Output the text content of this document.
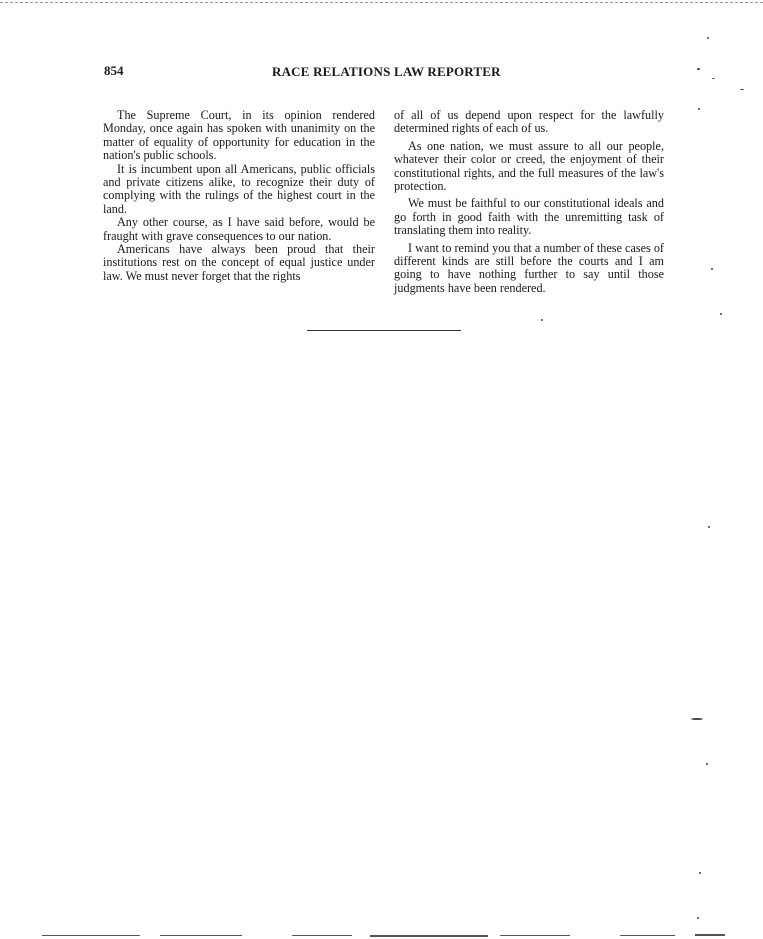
854	RACE RELATIONS LAW REPORTER

The Supreme Court, in its opinion rendered Monday, once again has spoken with unanimity on the matter of equality of opportunity for education in the nation's public schools.

It is incumbent upon all Americans, public officials and private citizens alike, to recognize their duty of complying with the rulings of the highest court in the land.

Any other course, as I have said before, would be fraught with grave consequences to our nation.

Americans have always been proud that their institutions rest on the concept of equal justice under law. We must never forget that the rights

of all of us depend upon respect for the lawfully determined rights of each of us.

As one nation, we must assure to all our people, whatever their color or creed, the enjoyment of their constitutional rights, and the full measures of the law's protection.

We must be faithful to our constitutional ideals and go forth in good faith with the unremitting task of translating them into reality.

I want to remind you that a number of these cases of different kinds are still before the courts and I am going to have nothing further to say until those judgments have been rendered.
